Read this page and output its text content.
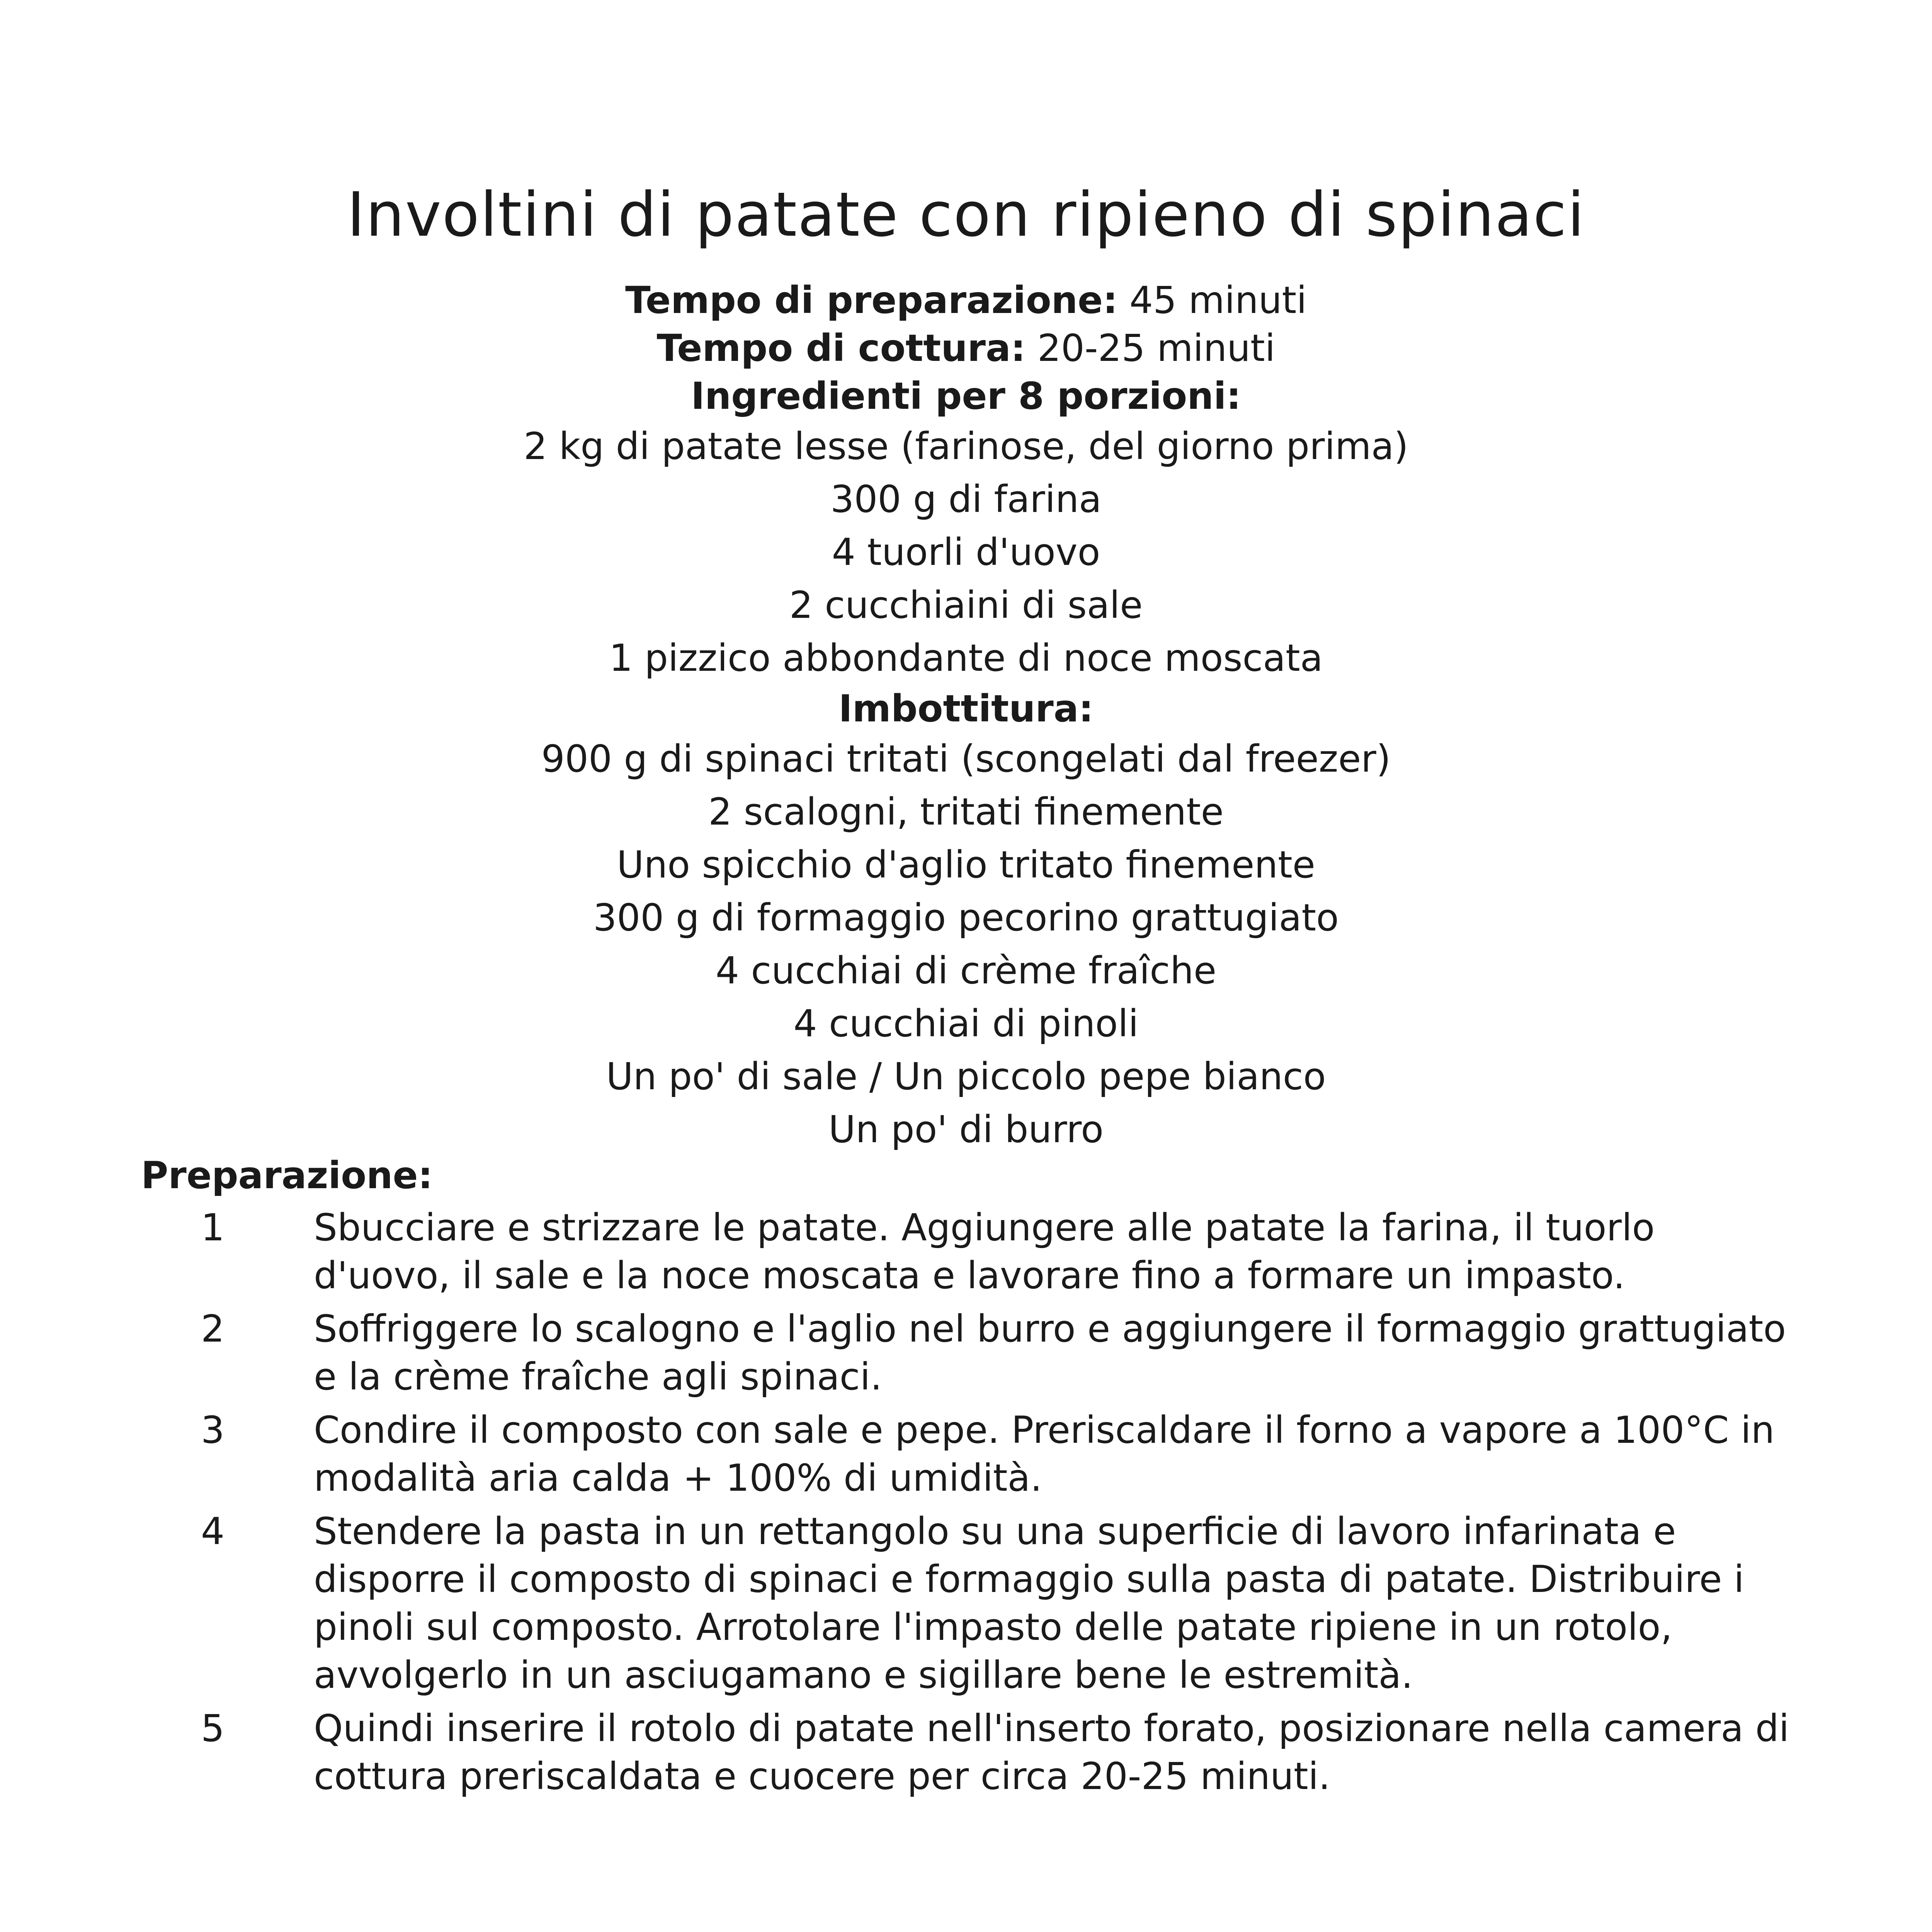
Involtini di patate con ripieno di spinaci
Tempo di preparazione: 45 minuti
Tempo di cottura: 20-25 minuti
Ingredienti per 8 porzioni:
2 kg di patate lesse (farinose, del giorno prima)
300 g di farina
4 tuorli d'uovo
2 cucchiaini di sale
1 pizzico abbondante di noce moscata
Imbottitura:
900 g di spinaci tritati (scongelati dal freezer)
2 scalogni, tritati finemente
Uno spicchio d'aglio tritato finemente
300 g di formaggio pecorino grattugiato
4 cucchiai di crème fraîche
4 cucchiai di pinoli
Un po' di sale / Un piccolo pepe bianco
Un po' di burro
Preparazione:
1 Sbucciare e strizzare le patate. Aggiungere alle patate la farina, il tuorlo d'uovo, il sale e la noce moscata e lavorare fino a formare un impasto.
2 Soffriggere lo scalogno e l'aglio nel burro e aggiungere il formaggio grattugiato e la crème fraîche agli spinaci.
3 Condire il composto con sale e pepe. Preriscaldare il forno a vapore a 100°C in modalità aria calda + 100% di umidità.
4 Stendere la pasta in un rettangolo su una superficie di lavoro infarinata e disporre il composto di spinaci e formaggio sulla pasta di patate. Distribuire i pinoli sul composto. Arrotolare l'impasto delle patate ripiene in un rotolo, avvolgerlo in un asciugamano e sigillare bene le estremità.
5 Quindi inserire il rotolo di patate nell'inserto forato, posizionare nella camera di cottura preriscaldata e cuocere per circa 20-25 minuti.
